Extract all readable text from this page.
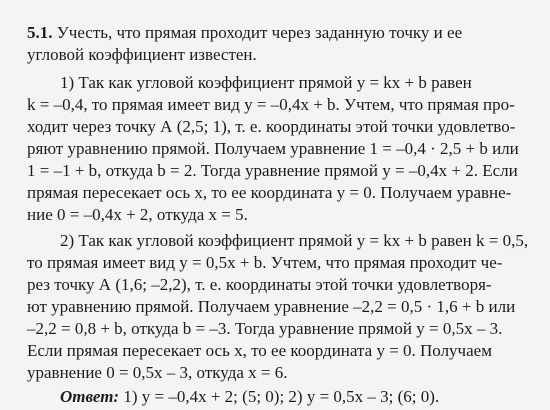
5.1. Учесть, что прямая проходит через заданную точку и ее
угловой коэффициент известен.
1) Так как угловой коэффициент прямой y = kx + b равен
k = –0,4, то прямая имеет вид y = –0,4x + b. Учтем, что прямая про-
ходит через точку А (2,5; 1), т. е. координаты этой точки удовлетво-
ряют уравнению прямой. Получаем уравнение 1 = –0,4 · 2,5 + b или
1 = –1 + b, откуда b = 2. Тогда уравнение прямой y = –0,4x + 2. Если
прямая пересекает ось x, то ее координата y = 0. Получаем уравне-
ние 0 = –0,4x + 2, откуда x = 5.
2) Так как угловой коэффициент прямой y = kx + b равен k = 0,5,
то прямая имеет вид y = 0,5x + b. Учтем, что прямая проходит че-
рез точку А (1,6; –2,2), т. е. координаты этой точки удовлетворя-
ют уравнению прямой. Получаем уравнение –2,2 = 0,5 · 1,6 + b или
–2,2 = 0,8 + b, откуда b = –3. Тогда уравнение прямой y = 0,5x – 3.
Если прямая пересекает ось x, то ее координата y = 0. Получаем
уравнение 0 = 0,5x – 3, откуда x = 6.
Ответ: 1) y = –0,4x + 2; (5; 0); 2) y = 0,5x – 3; (6; 0).
